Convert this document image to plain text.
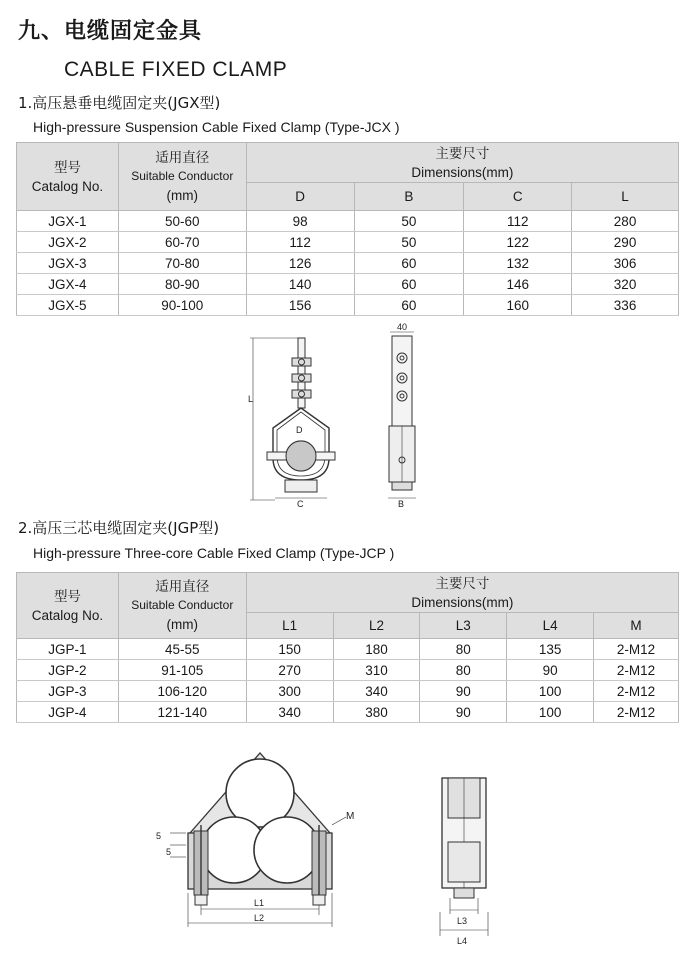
九、电缆固定金具
CABLE FIXED CLAMP
1.高压悬垂电缆固定夹(JGX型)
High-pressure Suspension Cable Fixed Clamp (Type-JCX )
型号
Catalog No.	适用直径
Suitable Conductor
(mm)	主要尺寸
Dimensions(mm)			

		D	B	C	L
JGX-1	50-60	98	50	112	280
JGX-2	60-70	112	50	122	290
JGX-3	70-80	126	60	132	306
JGX-4	80-90	140	60	146	320
JGX-5	90-100	156	60	160	336
L
D
C
40
B
2.高压三芯电缆固定夹(JGP型)
High-pressure Three-core Cable Fixed Clamp (Type-JCP )
型号
Catalog No.	适用直径
Suitable Conductor
(mm)	主要尺寸
Dimensions(mm)				

		L1	L2	L3	L4	M
JGP-1	45-55	150	180	80	135	2-M12
JGP-2	91-105	270	310	80	90	2-M12
JGP-3	106-120	300	340	90	100	2-M12
JGP-4	121-140	340	380	90	100	2-M12
5
5
M
L1
L2	L3
L4
